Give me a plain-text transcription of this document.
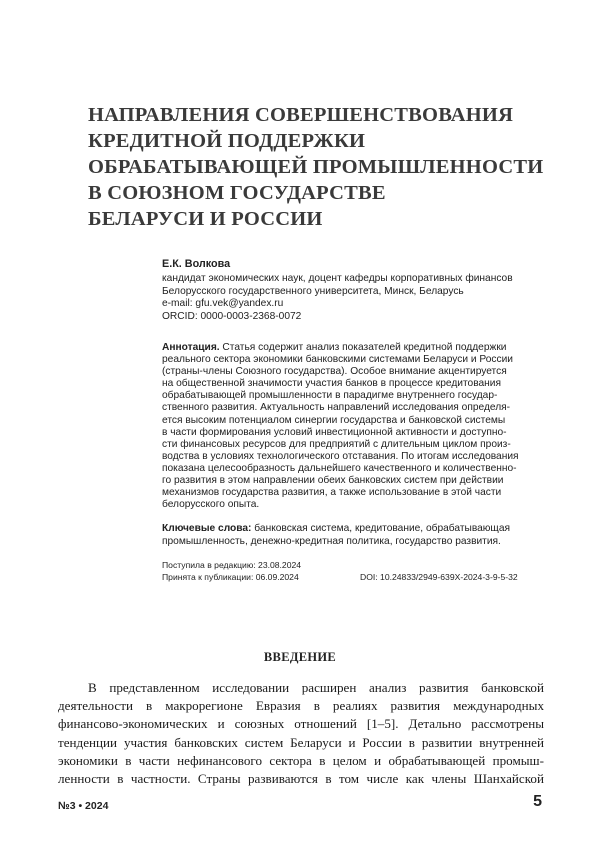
НАПРАВЛЕНИЯ СОВЕРШЕНСТВОВАНИЯ
КРЕДИТНОЙ ПОДДЕРЖКИ
ОБРАБАТЫВАЮЩЕЙ ПРОМЫШЛЕННОСТИ
В СОЮЗНОМ ГОСУДАРСТВЕ
БЕЛАРУСИ И РОССИИ
Е.К. Волкова
кандидат экономических наук, доцент кафедры корпоративных финансов
Белорусского государственного университета, Минск, Беларусь
e-mail: gfu.vek@yandex.ru
ORCID: 0000-0003-2368-0072
Аннотация. Статья содержит анализ показателей кредитной поддержки
реального сектора экономики банковскими системами Беларуси и России
(страны-члены Союзного государства). Особое внимание акцентируется
на общественной значимости участия банков в процессе кредитования
обрабатывающей промышленности в парадигме внутреннего государ-
ственного развития. Актуальность направлений исследования определя-
ется высоким потенциалом синергии государства и банковской системы
в части формирования условий инвестиционной активности и доступно-
сти финансовых ресурсов для предприятий с длительным циклом произ-
водства в условиях технологического отставания. По итогам исследования
показана целесообразность дальнейшего качественного и количественно-
го развития в этом направлении обеих банковских систем при действии
механизмов государства развития, а также использование в этой части
белорусского опыта.
Ключевые слова: банковская система, кредитование, обрабатывающая
промышленность, денежно-кредитная политика, государство развития.
Поступила в редакцию: 23.08.2024
Принята к публикации: 06.09.2024	DOI: 10.24833/2949-639X-2024-3-9-5-32
ВВЕДЕНИЕ
В представленном исследовании расширен анализ развития банковской
деятельности в макрорегионе Евразия в реалиях развития международных
финансово-экономических и союзных отношений [1–5]. Детально рассмотрены
тенденции участия банковских систем Беларуси и России в развитии внутренней
экономики в части нефинансового сектора в целом и обрабатывающей промыш-
ленности в частности. Страны развиваются в том числе как члены Шанхайской
№3 • 2024	5
